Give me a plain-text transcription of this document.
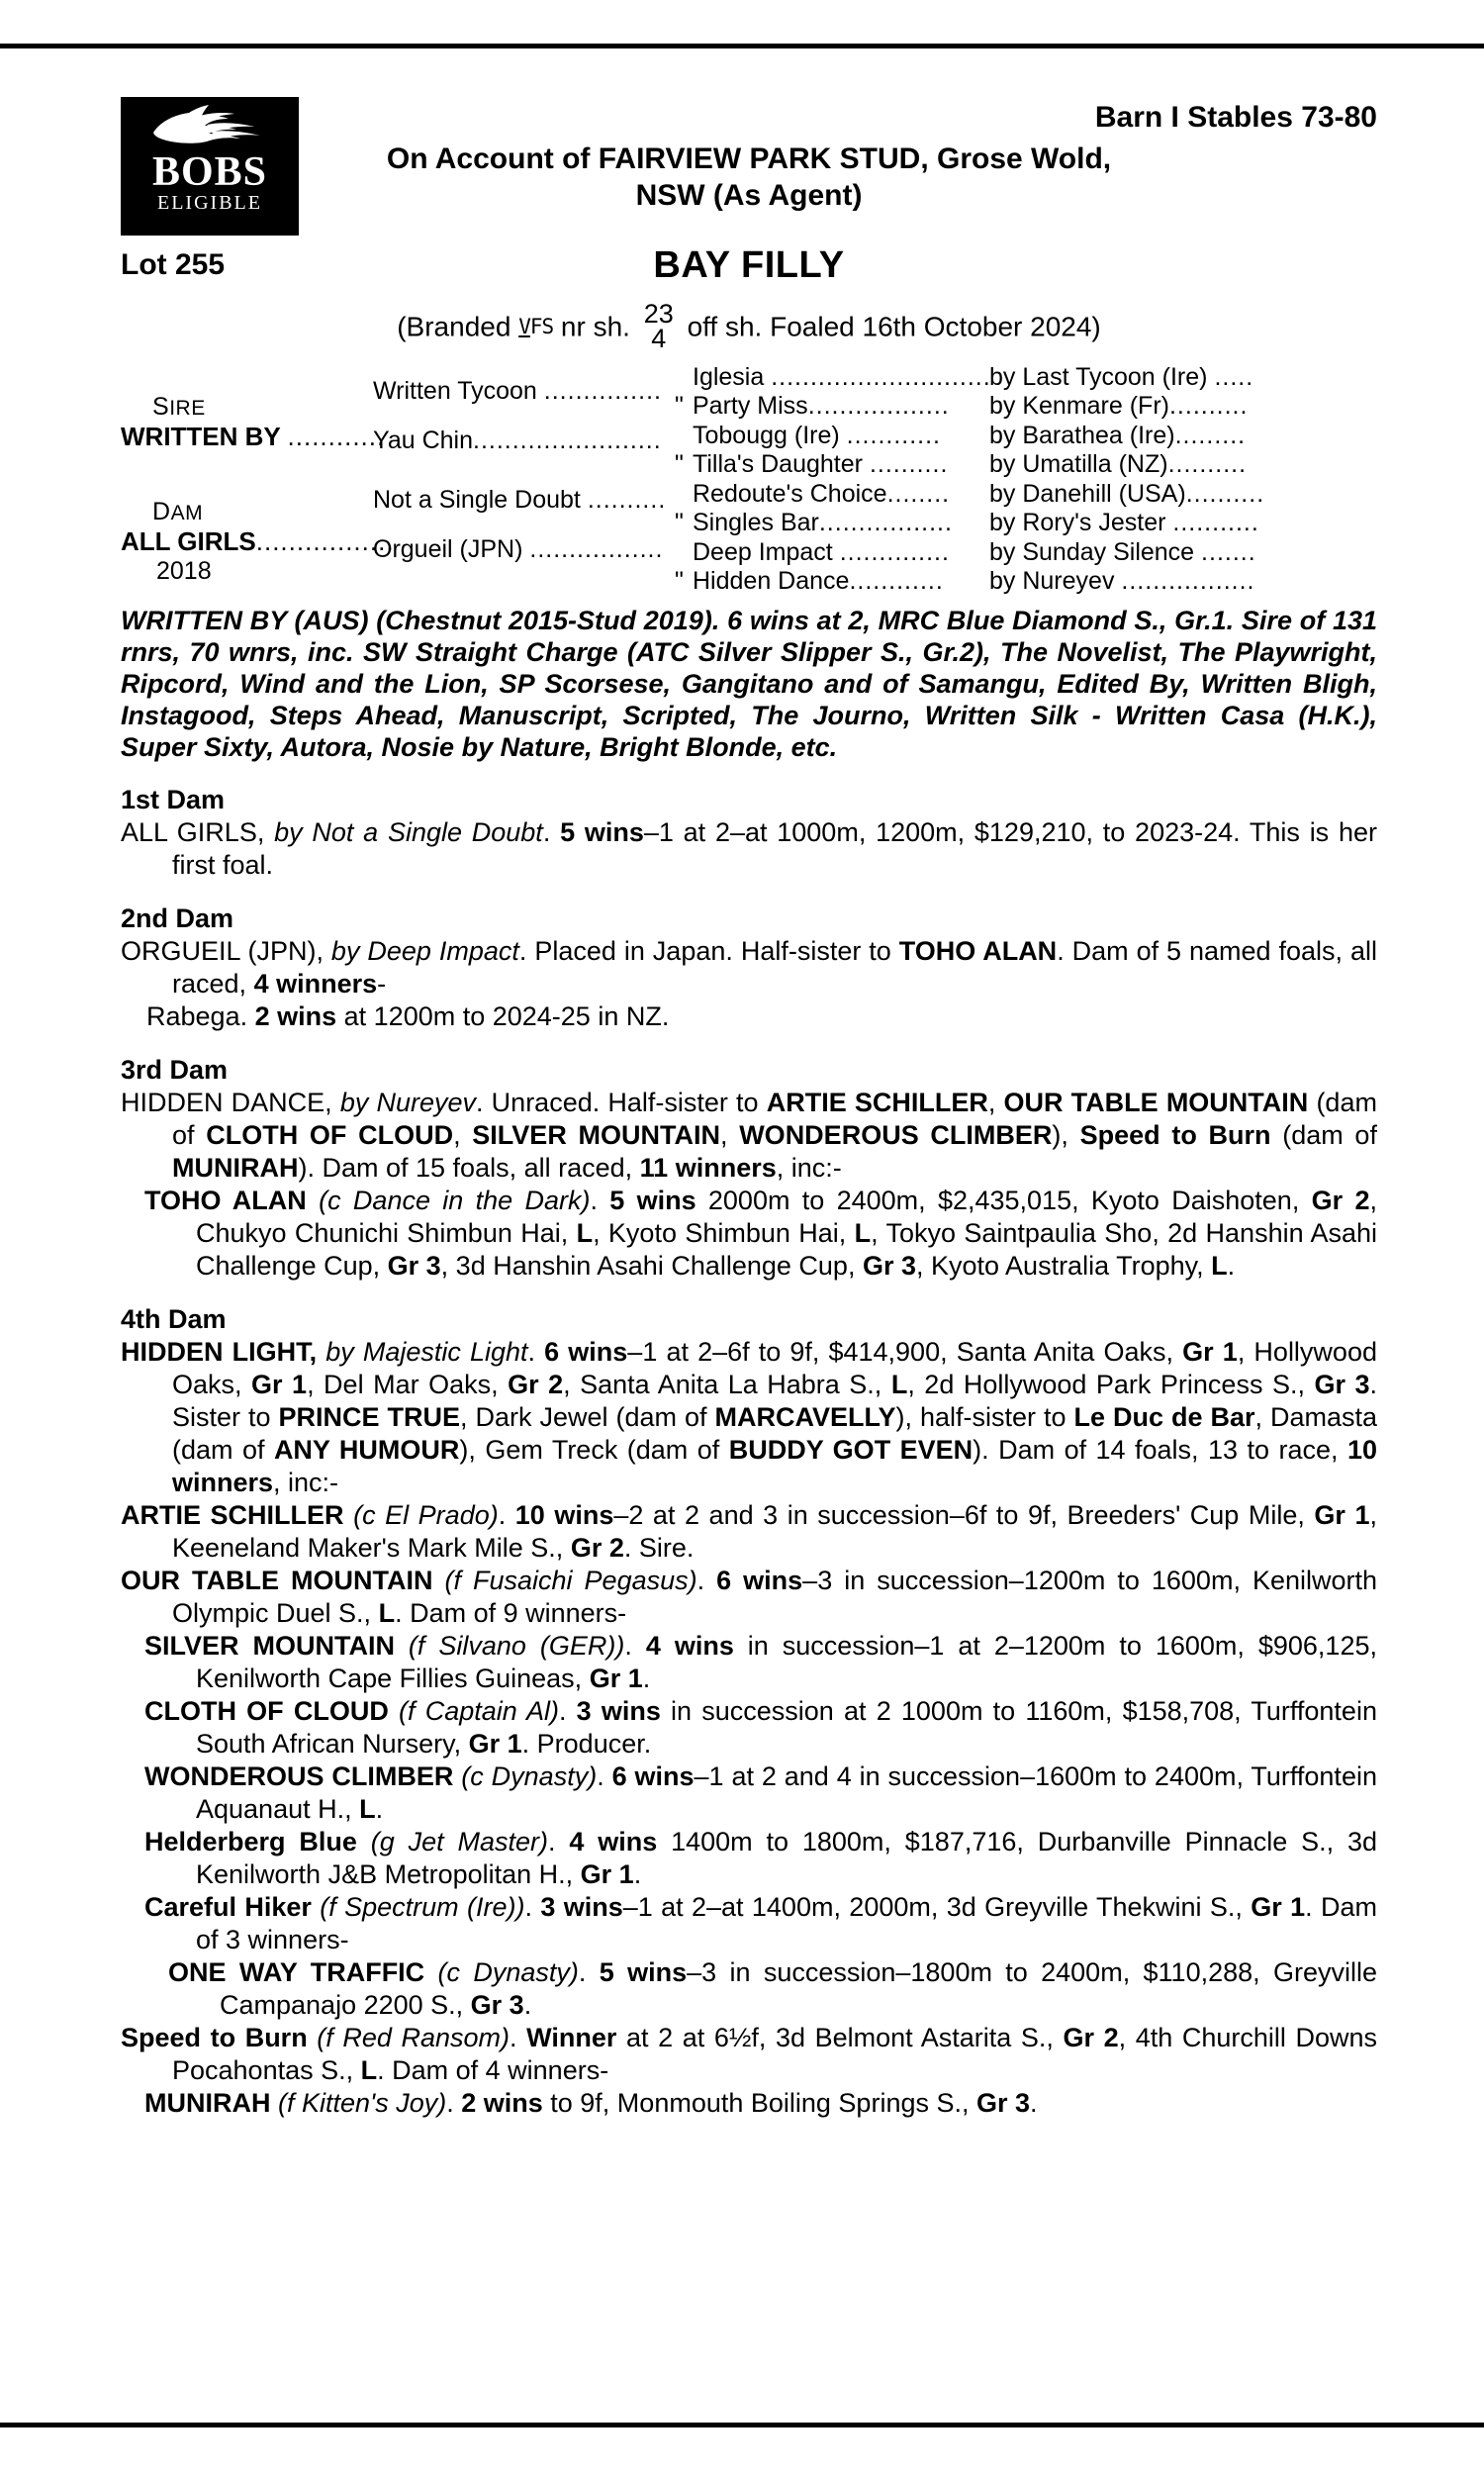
BOBS
ELIGIBLE
Barn I Stables 73-80
On Account of FAIRVIEW PARK STUD, Grose Wold,
NSW (As Agent)
Lot 255	BAY FILLY
(Branded VFS nr sh. 23
4 off sh. Foaled 16th October 2024)
SIRE
WRITTEN BY ............
DAM
ALL GIRLS.................
2018
Written Tycoon ...............
Yau Chin........................
Not a Single Doubt ..........
Orgueil (JPN) .................
Iglesia ............................
" Party Miss..................
Tobougg (Ire) ............
" Tilla's Daughter ..........
Redoute's Choice........
" Singles Bar.................
Deep Impact ..............
" Hidden Dance............
by Last Tycoon (Ire) .....
by Kenmare (Fr)..........
by Barathea (Ire).........
by Umatilla (NZ)..........
by Danehill (USA)..........
by Rory's Jester ...........
by Sunday Silence .......
by Nureyev .................
WRITTEN BY (AUS) (Chestnut 2015-Stud 2019). 6 wins at 2, MRC Blue Diamond S., Gr.1. Sire of 131 rnrs, 70 wnrs, inc. SW Straight Charge (ATC Silver Slipper S., Gr.2), The Novelist, The Playwright, Ripcord, Wind and the Lion, SP Scorsese, Gangitano and of Samangu, Edited By, Written Bligh, Instagood, Steps Ahead, Manuscript, Scripted, The Journo, Written Silk - Written Casa (H.K.), Super Sixty, Autora, Nosie by Nature, Bright Blonde, etc.
1st Dam
ALL GIRLS, by Not a Single Doubt. 5 wins–1 at 2–at 1000m, 1200m, $129,210, to 2023-24. This is her first foal.
2nd Dam
ORGUEIL (JPN), by Deep Impact. Placed in Japan. Half-sister to TOHO ALAN. Dam of 5 named foals, all raced, 4 winners-
Rabega. 2 wins at 1200m to 2024-25 in NZ.
3rd Dam
HIDDEN DANCE, by Nureyev. Unraced. Half-sister to ARTIE SCHILLER, OUR TABLE MOUNTAIN (dam of CLOTH OF CLOUD, SILVER MOUNTAIN, WONDEROUS CLIMBER), Speed to Burn (dam of MUNIRAH). Dam of 15 foals, all raced, 11 winners, inc:-
TOHO ALAN (c Dance in the Dark). 5 wins 2000m to 2400m, $2,435,015, Kyoto Daishoten, Gr 2, Chukyo Chunichi Shimbun Hai, L, Kyoto Shimbun Hai, L, Tokyo Saintpaulia Sho, 2d Hanshin Asahi Challenge Cup, Gr 3, 3d Hanshin Asahi Challenge Cup, Gr 3, Kyoto Australia Trophy, L.
4th Dam
HIDDEN LIGHT, by Majestic Light. 6 wins–1 at 2–6f to 9f, $414,900, Santa Anita Oaks, Gr 1, Hollywood Oaks, Gr 1, Del Mar Oaks, Gr 2, Santa Anita La Habra S., L, 2d Hollywood Park Princess S., Gr 3. Sister to PRINCE TRUE, Dark Jewel (dam of MARCAVELLY), half-sister to Le Duc de Bar, Damasta (dam of ANY HUMOUR), Gem Treck (dam of BUDDY GOT EVEN). Dam of 14 foals, 13 to race, 10 winners, inc:-
ARTIE SCHILLER (c El Prado). 10 wins–2 at 2 and 3 in succession–6f to 9f, Breeders' Cup Mile, Gr 1, Keeneland Maker's Mark Mile S., Gr 2. Sire.
OUR TABLE MOUNTAIN (f Fusaichi Pegasus). 6 wins–3 in succession–1200m to 1600m, Kenilworth Olympic Duel S., L. Dam of 9 winners-
SILVER MOUNTAIN (f Silvano (GER)). 4 wins in succession–1 at 2–1200m to 1600m, $906,125, Kenilworth Cape Fillies Guineas, Gr 1.
CLOTH OF CLOUD (f Captain Al). 3 wins in succession at 2 1000m to 1160m, $158,708, Turffontein South African Nursery, Gr 1. Producer.
WONDEROUS CLIMBER (c Dynasty). 6 wins–1 at 2 and 4 in succession–1600m to 2400m, Turffontein Aquanaut H., L.
Helderberg Blue (g Jet Master). 4 wins 1400m to 1800m, $187,716, Durbanville Pinnacle S., 3d Kenilworth J&B Metropolitan H., Gr 1.
Careful Hiker (f Spectrum (Ire)). 3 wins–1 at 2–at 1400m, 2000m, 3d Greyville Thekwini S., Gr 1. Dam of 3 winners-
ONE WAY TRAFFIC (c Dynasty). 5 wins–3 in succession–1800m to 2400m, $110,288, Greyville Campanajo 2200 S., Gr 3.
Speed to Burn (f Red Ransom). Winner at 2 at 6½f, 3d Belmont Astarita S., Gr 2, 4th Churchill Downs Pocahontas S., L. Dam of 4 winners-
MUNIRAH (f Kitten's Joy). 2 wins to 9f, Monmouth Boiling Springs S., Gr 3.
